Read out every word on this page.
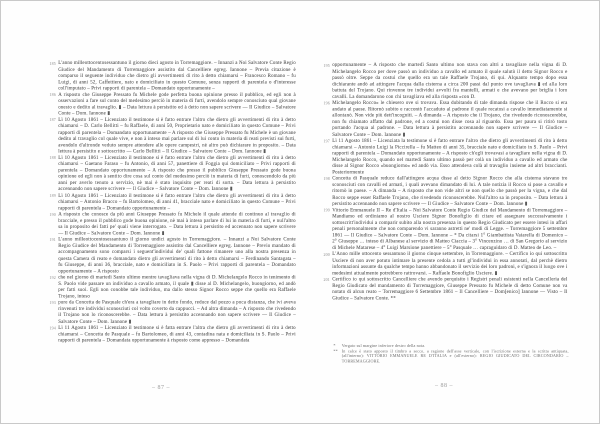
185 L'anno milleottocentosessantuno il giorno dieci agosto in Torremaggiore. – Innanzi a Noi Salvatore Conte Regio Giudice del Mandamento di Torremaggiore assistito dal Cancelliere egreg. Iannone – Previa citazione è comparso il seguente individuo che dietro gli avvertimenti di rito à detto chiamarsi – Francesco Romano – fu Luigi, di anni 52, Caffettiere, nato e domiciliato in questo Comune, senza rapporti di parentela o d'interesse coll'imputato – Privi rapporti di parentela – Domandato opportunamente –
186 A risposto che Giuseppe Pressato fu Michele gode perfetta buona opinione presso il pubblico, ed egli non à osservazioni a fare sul conto del medesimo perciò in materia di furti, avendolo sempre conosciuto qual giovane onesto e dedito al travaglio. ▮ – Data lettura à persistito ed à detto non sapere scrivere — Il Giudice – Salvatore Conte – Dom. Iannone ▮
187 Lì 10 Agosto 1861 – Licenziato il testimone si è fatto entrare l'altro che dietro gli avvertimenti di rito à detto chiamarsi – D. Carlo Bellitti – fu Raffaele, di anni 50, Proprietario nato e domiciliato in questo Comune – Privi rapporti di parentela – Domandato opportunamente – A risposto che Giuseppe Pressato fu Michele è un giovane dedito al travaglio col quale vive, e non à inteso mai parlare sul di lui conto in materia di reati previsti sui furti, avendolo d'altronde veduto sempre attendere alle opere campestri, nè altro può dichiarare in proposito. – Data lettura à persistito e sottoscritto — Carlo Bellitti – Il Giudice – Salvatore Conte – Dom. Iannone ▮
188 Lì 10 Agosto 1861 – Licenziato il testimone si è fatto entrare l'altro che dietro gli avvertimenti di rito à detto chiamarsi – Gaetano Faraso – fu Antonio, di anni 57, panettiere di Foggia qui domiciliato – Privi rapporti di parentela – Domandato opportunamente – A risposto che presso il pubblico Giuseppe Pressato gode buona opinione ed egli non à sentito dire cosa sul conto del medesimo perciò in materia di furti, conoscendolo da più anni per averlo tenuto a servizio, nè mai è stato inquisito per reati di sorta. – Data lettura à persistito accennando non sapere scrivere — Il Giudice – Salvatore Conte – Dom. Iannone ▮
189 Lì 10 Agosto 1861 – Licenziato il testimone si è fatto entrare l'altro che dietro gli avvertimenti di rito à detto chiamarsi – Antonio Bracco – fu Bartolomeo, di anni 41, bracciale nato e domiciliato in questo Comune – Privi rapporti di parentela – Domandato opportunamente –
190 A risposto che conosce da più anni Giuseppe Pressato fu Michele il quale attende di continuo al travaglio di bracciale, e presso il pubblico gode buona opinione, nè mai à inteso parlare di lui in materia di furti, e null'altro sa in proposito dei fatti pe' quali viene interrogato. – Data lettura à persistito ed accennato non sapere scrivere — Il Giudice – Salvatore Conte – Dom. Iannone ▮
191 L'anno milleottocentosessantuno il giorno undici agosto in Torremaggiore. – Innanzi a Noi Salvatore Conte Regio Giudice del Mandamento di Torremaggiore assistito dal Cancelliere egreg. Iannone – Previo mandato di accompagnamento sono comparsi i seguent'individui de' quali fattone rimanere uno alla nostra presenza in questa Camera di reato e domandato dietro gli avvertimenti di rito à detto chiamarsi – Ferdinando Santagata – fu Giuseppe, di anni 36, bracciale, nato e domiciliato in S. Paolo – Privi rapporti di parentela – Domandato opportunamente – A risposto
192 che nel giorno di martedì Santo ultimo mentre tavagliava nella vigna di D. Michelangelo Rocco in tenimento di S. Paolo vide passare un individuo a cavallo armato, il quale ▮ disse al D. Michelangelo, buongiorno, ed andò per fatti suoi. Egli non conobbe tale individuo, ma dallo stesso Signor Rocco seppe che quello era Raffaele Trojano, inteso
193 pure da Concetta de Pasquale ch'era a tavagliare in detto fondo, reduce dal pozzo a poca distanza, che ivi aveva rinvenuti tre individui sconosciuti col volto coverto da cappucci. – Ad altra dimanda – A risposto che rivedendo il Trojano non lo riconoscerebbe. – Data lettura à persistito accennando non sapere scrivere — Il Giudice – Salvatore Conte – Dom. Iannone ▮
194 Lì 11 Agosto 1861 – Licenziato il testimone si è fatta entrare l'altra che dietro gli avvertimenti di rito à detto chiamarsi – Concetta de Pasquale – fu Bartolomeo, di anni 43, contadina nata e domiciliata in S. Paolo – Privi rapporti di parentela – Domandata opportunamente à risposto come appresso – Domandata
195 opportunamente – A risposto che martedì Santo ultimo non stava con altri a tavagliare nella vigna di D. Michelangelo Rocco per dove passò un individuo a cavallo ed armato il quale salutò il detto Signor Rocco e passò oltre. Seppe da costui che quello era un tale Raffaele Trojano, di qui. Alquanto tempo dopo essa dichiarante andò ad attingere l'acqua dalla cisterna a circa 200 passi dal punto ove tavagliava ▮ ed alla loro battuta del Trojano. Qui rinvenne tre individui avvolti fra mantelli, armati e che avevano per briglia i loro cavalli. La domandarono con chi tavagliava ed alla risposta «con D.
196 Michelangelo Rocco» le chiesero ove si trovava. Essa dubitando di tale dimanda rispose che il Rocco si era andato al paese. Ritornò subito e raccontò l'accaduto al padrone il quale recatosi a cavallo immediatamente si allontanò. Non vide più dett'incogniti. – A dimanda – A risposto che il Trojano, che rivedendo riconoscerebbe, non fu chiamato affatto dal padrone, ed a costui non disse cosa al riguardo. Essa per paura si ritirò tosto portando l'acqua al padrone. – Data lettura à persistito accennando non sapere scrivere — Il Giudice – Salvatore Conte – Dom. Iannone ▮
197 Lì 11 Agosto 1861 – Licenziata la testimone si è fatto entrare l'altro che dietro gli avvertimenti di rito à detto chiamarsi – Antonio Luigi la Piccirella – fu Matteo di anni 35, bracciale nato e domiciliato in S. Paolo – Privi rapporti di parentela – Domandato opportunamente – A risposto ch'egli trovavasi a tavagliare nella vigna di D. Michelangelo Rocco, quando nel martedì Santo ultimo passò per colà un individuo a cavallo ed armato che disse al Signor Rocco «buongiorno» ed andò via. Esso attendeva colà al travaglio insieme ad altri braccianti. Posteriormente
198 Concetta di Pasquale reduce dall'attingere acqua disse al detto Signor Rocco che alla cisterna stavano tre sconosciuti con cavalli ed armati, i quali avevano dimandato di lui. A tale notizia il Rocco si pose a cavallo e ritornò in paese. – A dimanda – A risposto che non vide altri se non quello che passò per la vigna, e che dal Rocco seppe esser Raffaele Trojano, che rivedendo riconoscerebbe. Null'altro sa in proposito. – Data lettura à persistito accennando non sapere scrivere — Il Giudice – Salvatore Conte – Dom. Iannone ▮
199 Vittorio Emmanuele II – Re d'Italia – Noi Salvatore Conte Regio Giudice del Mandamento di Torremaggiore – Mandiamo ed ordiniamo al nostro Usciere Signor Bonofiglio di citare ed assegnare successivamente i sottoscritt'individui a comparir subito alla nostra presenza in questo Regio Giudicato per essere intesi in affari penali personalmente che non comparendo vi saranno astretti ne' modi di Legge. – Torremaggiore 5 settembre 1861 — Il Giudice – Salvatore Conte – Dom. Iannone – * Da citarsi 1° Giambattista Vaiarella di Domenico – 2° Giuseppe … inteso di Albanese al servizio di Matteo Ciaccia – 3° Vincenzino … di San Gregorio al servizio di Michele Matarese – 4° Luigi Marsione panettiere – 5° Pasquale … capraguidaro di D. Matteo de Leo. –
200 L'Anno mille ottocento sessantuno il giorno cinque settembre, in Torremaggiore. – Certifico io qui sottoscritto Usciere di non aver potuto intimare la presente cedola a tutti gl'individui in essa annotati, dal perchè dietro informazioni assunte da qualche tempo hanno abbandonato il servizio dei loro padroni, e s'ignora il luogo ove i medesimi attualmente potrebbero rattrovarsi. – Raffaele Bonofiglio Usciere. ▮
201 Certifico io qui sottoscritto Cancelliere che avendo perquisito i Registri penali esistenti nella Cancelleria del Regio Giudicato del mandamento di Torremaggiore, Giuseppe Pressato fu Michele di detto Comune non va notato di alcun reato – Torremaggiore 6 Settembre 1861 – Il Cancelliere – Dom[enico] Iannone — Visto – Il Giudice – Salvatore Conte. **
* Vergato sul margine inferiore destro della nota.
** In calce è stato apposto il timbro a secco, a ragione dell'asse verticale, con l'iscrizione esterna e la scritta antiquata, (all'interno): VITTORIO EMMANUELE RE D'ITALIA e (all'esterno): REGIO GIUDICATO DEL CIRCONDARIO – TORREMAGGIORE.
– 87 –	– 88 –
